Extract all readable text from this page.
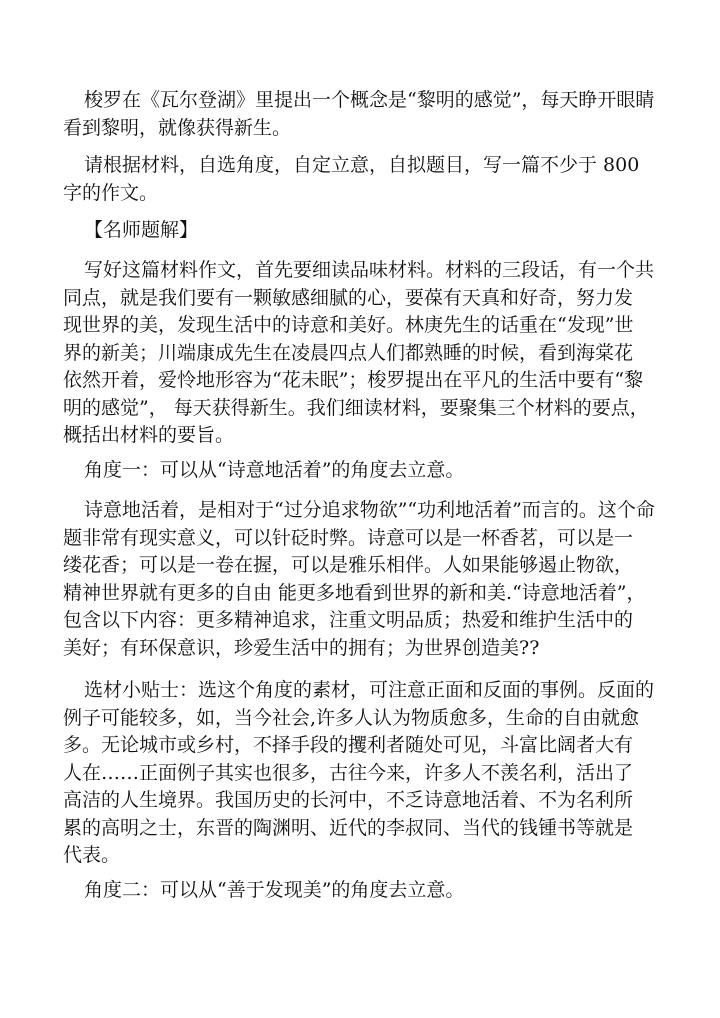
梭罗在《瓦尔登湖》里提出一个概念是“黎明的感觉”，每天睁开眼睛
看到黎明，就像获得新生。
请根据材料，自选角度，自定立意，自拟题目，写一篇不少于 800
字的作文。
【名师题解】
写好这篇材料作文，首先要细读品味材料。材料的三段话，有一个共
同点，就是我们要有一颗敏感细腻的心，要葆有天真和好奇，努力发
现世界的美，发现生活中的诗意和美好。林庚先生的话重在“发现”世
界的新美；川端康成先生在凌晨四点人们都熟睡的时候，看到海棠花
依然开着，爱怜地形容为“花未眠”；梭罗提出在平凡的生活中要有“黎
明的感觉”， 每天获得新生。我们细读材料，要聚集三个材料的要点，
概括出材料的要旨。
角度一：可以从“诗意地活着”的角度去立意。
诗意地活着，是相对于“过分追求物欲”“功利地活着”而言的。这个命
题非常有现实意义，可以针砭时弊。诗意可以是一杯香茗，可以是一
缕花香；可以是一卷在握，可以是雅乐相伴。人如果能够遏止物欲，
精神世界就有更多的自由 能更多地看到世界的新和美.“诗意地活着”，
包含以下内容：更多精神追求，注重文明品质；热爱和维护生活中的
美好；有环保意识，珍爱生活中的拥有；为世界创造美??
选材小贴士：选这个角度的素材，可注意正面和反面的事例。反面的
例子可能较多，如，当今社会,许多人认为物质愈多，生命的自由就愈
多。无论城市或乡村，不择手段的攫利者随处可见，斗富比阔者大有
人在……正面例子其实也很多，古往今来，许多人不羡名利，活出了
高洁的人生境界。我国历史的长河中，不乏诗意地活着、不为名利所
累的高明之士，东晋的陶渊明、近代的李叔同、当代的钱锺书等就是
代表。
角度二：可以从“善于发现美”的角度去立意。
